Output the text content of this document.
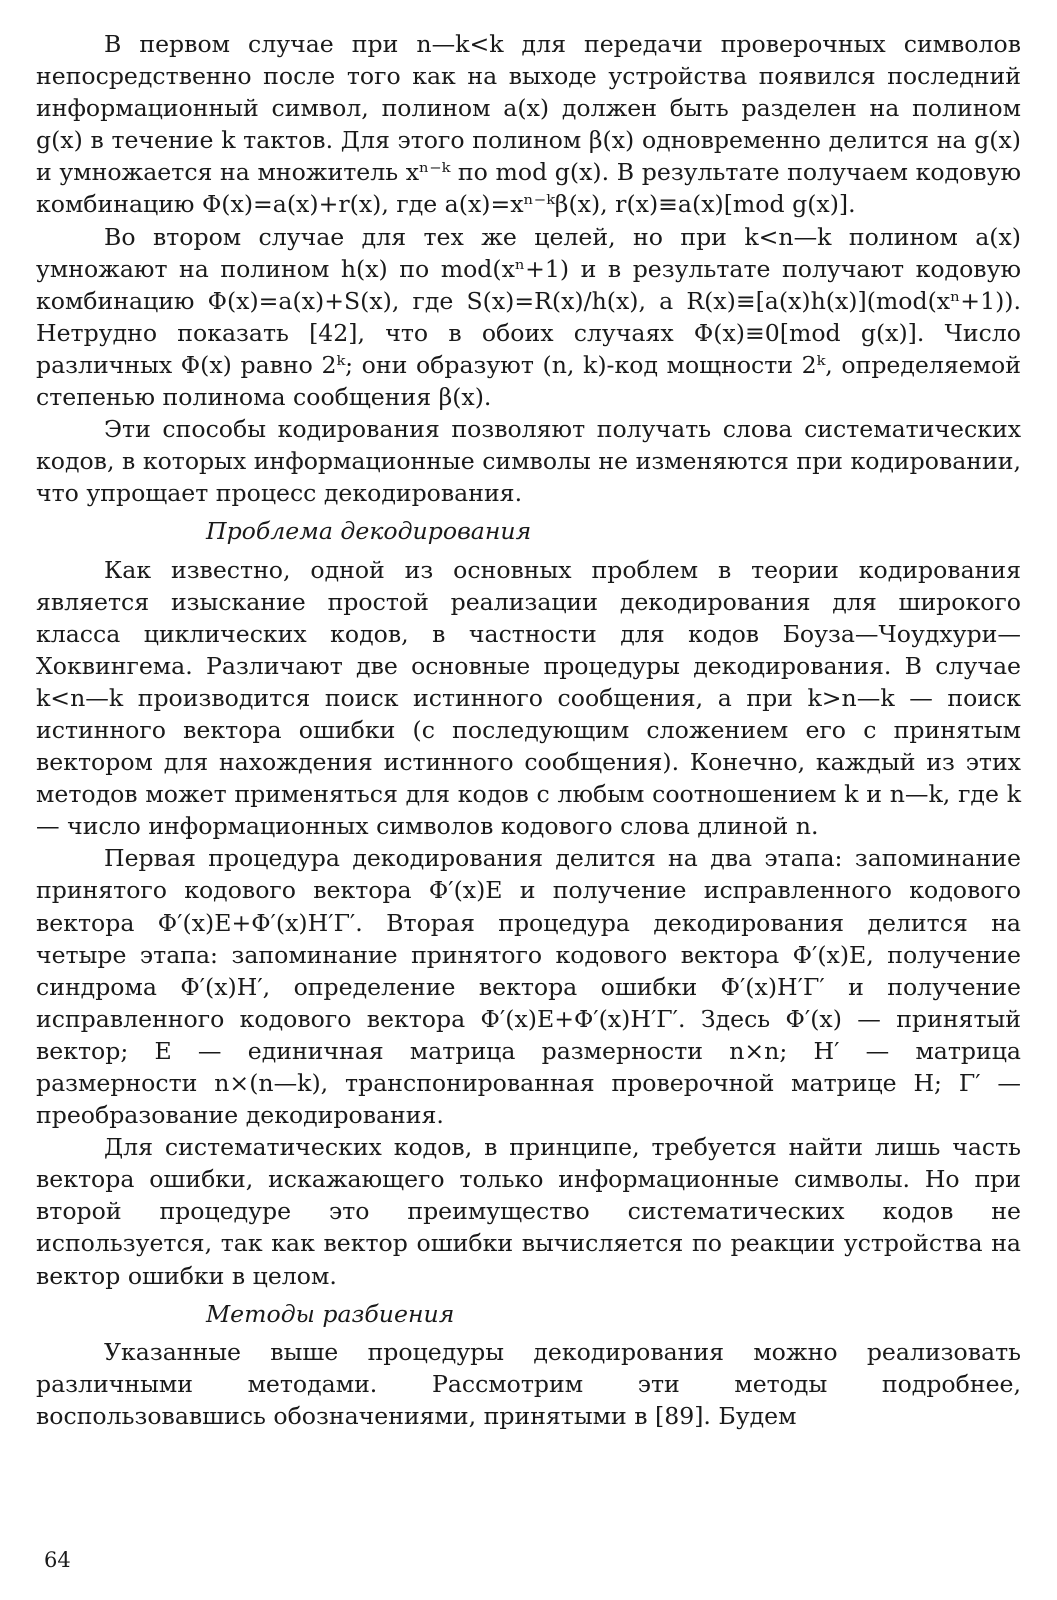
В первом случае при n—k<k для передачи проверочных символов непосредственно после того как на выходе устройства появился последний информационный символ, полином a(x) должен быть разделен на полином g(x) в течение k тактов. Для этого полином β(x) одновременно делится на g(x) и умножается на множитель xⁿ⁻ᵏ по mod g(x). В результате получаем кодовую комбинацию Φ(x)=a(x)+r(x), где a(x)=xⁿ⁻ᵏβ(x), r(x)≡a(x)[mod g(x)].

Во втором случае для тех же целей, но при k<n—k полином a(x) умножают на полином h(x) по mod(xⁿ+1) и в результате получают кодовую комбинацию Φ(x)=a(x)+S(x), где S(x)=R(x)/h(x), а R(x)≡[a(x)h(x)](mod(xⁿ+1)). Нетрудно показать [42], что в обоих случаях Φ(x)≡0[mod g(x)]. Число различных Φ(x) равно 2ᵏ; они образуют (n, k)-код мощности 2ᵏ, определяемой степенью полинома сообщения β(x).

Эти способы кодирования позволяют получать слова систематических кодов, в которых информационные символы не изменяются при кодировании, что упрощает процесс декодирования.

Проблема декодирования

Как известно, одной из основных проблем в теории кодирования является изыскание простой реализации декодирования для широкого класса циклических кодов, в частности для кодов Боуза—Чоудхури—Хоквингема. Различают две основные процедуры декодирования. В случае k<n—k производится поиск истинного сообщения, а при k>n—k — поиск истинного вектора ошибки (с последующим сложением его с принятым вектором для нахождения истинного сообщения). Конечно, каждый из этих методов может применяться для кодов с любым соотношением k и n—k, где k — число информационных символов кодового слова длиной n.

Первая процедура декодирования делится на два этапа: запоминание принятого кодового вектора Φ′(x)E и получение исправленного кодового вектора Φ′(x)E+Φ′(x)H′Γ′. Вторая процедура декодирования делится на четыре этапа: запоминание принятого кодового вектора Φ′(x)E, получение синдрома Φ′(x)H′, определение вектора ошибки Φ′(x)H′Γ′ и получение исправленного кодового вектора Φ′(x)E+Φ′(x)H′Γ′. Здесь Φ′(x) — принятый вектор; E — единичная матрица размерности n×n; H′ — матрица размерности n×(n—k), транспонированная проверочной матрице H; Γ′ — преобразование декодирования.

Для систематических кодов, в принципе, требуется найти лишь часть вектора ошибки, искажающего только информационные символы. Но при второй процедуре это преимущество систематических кодов не используется, так как вектор ошибки вычисляется по реакции устройства на вектор ошибки в целом.

Методы разбиения

Указанные выше процедуры декодирования можно реализовать различными методами. Рассмотрим эти методы подробнее, воспользовавшись обозначениями, принятыми в [89]. Будем

64
